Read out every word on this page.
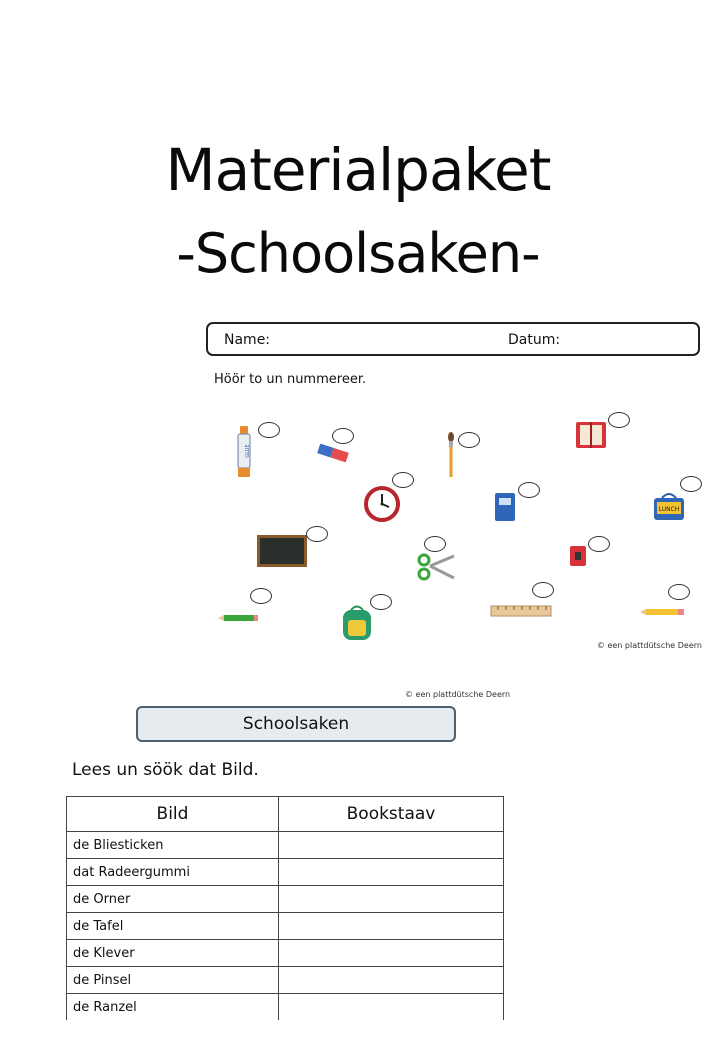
Materialpaket
-Schoolsaken-
Name:	Datum:
Höör to un nummereer.
GLUE
LUNCH
© een plattdütsche Deern
© een plattdütsche Deern
Schoolsaken
Lees un söök dat Bild.
Bild	Bookstaav
de Bliesticken	
dat Radeergummi	
de Orner	
de Tafel	
de Klever	
de Pinsel	
de Ranzel	
